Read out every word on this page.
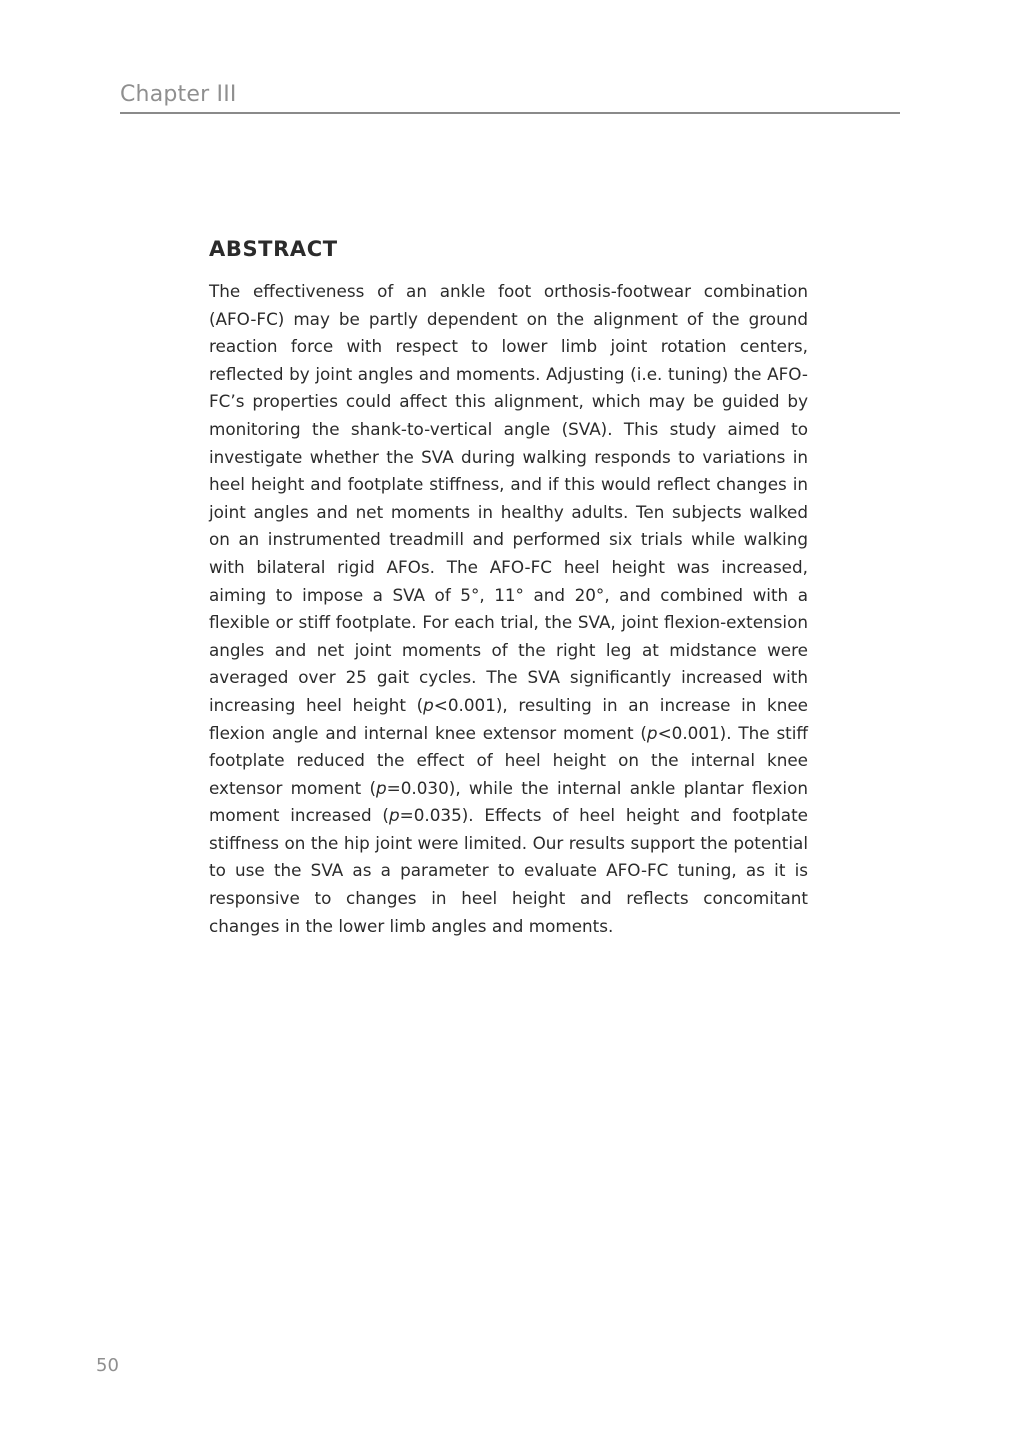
Chapter III
ABSTRACT

The effectiveness of an ankle foot orthosis-footwear combination (AFO-FC) may be partly dependent on the alignment of the ground reaction force with respect to lower limb joint rotation centers, reflected by joint angles and moments. Adjusting (i.e. tuning) the AFO-FC’s properties could affect this alignment, which may be guided by monitoring the shank-to-vertical angle (SVA). This study aimed to investigate whether the SVA during walking responds to variations in heel height and footplate stiffness, and if this would reflect changes in joint angles and net moments in healthy adults. Ten subjects walked on an instrumented treadmill and performed six trials while walking with bilateral rigid AFOs. The AFO-FC heel height was increased, aiming to impose a SVA of 5°, 11° and 20°, and combined with a flexible or stiff footplate. For each trial, the SVA, joint flexion-extension angles and net joint moments of the right leg at midstance were averaged over 25 gait cycles. The SVA significantly increased with increasing heel height (p<0.001), resulting in an increase in knee flexion angle and internal knee extensor moment (p<0.001). The stiff footplate reduced the effect of heel height on the internal knee extensor moment (p=0.030), while the internal ankle plantar flexion moment increased (p=0.035). Effects of heel height and footplate stiffness on the hip joint were limited. Our results support the potential to use the SVA as a parameter to evaluate AFO-FC tuning, as it is responsive to changes in heel height and reflects concomitant changes in the lower limb angles and moments.

50
